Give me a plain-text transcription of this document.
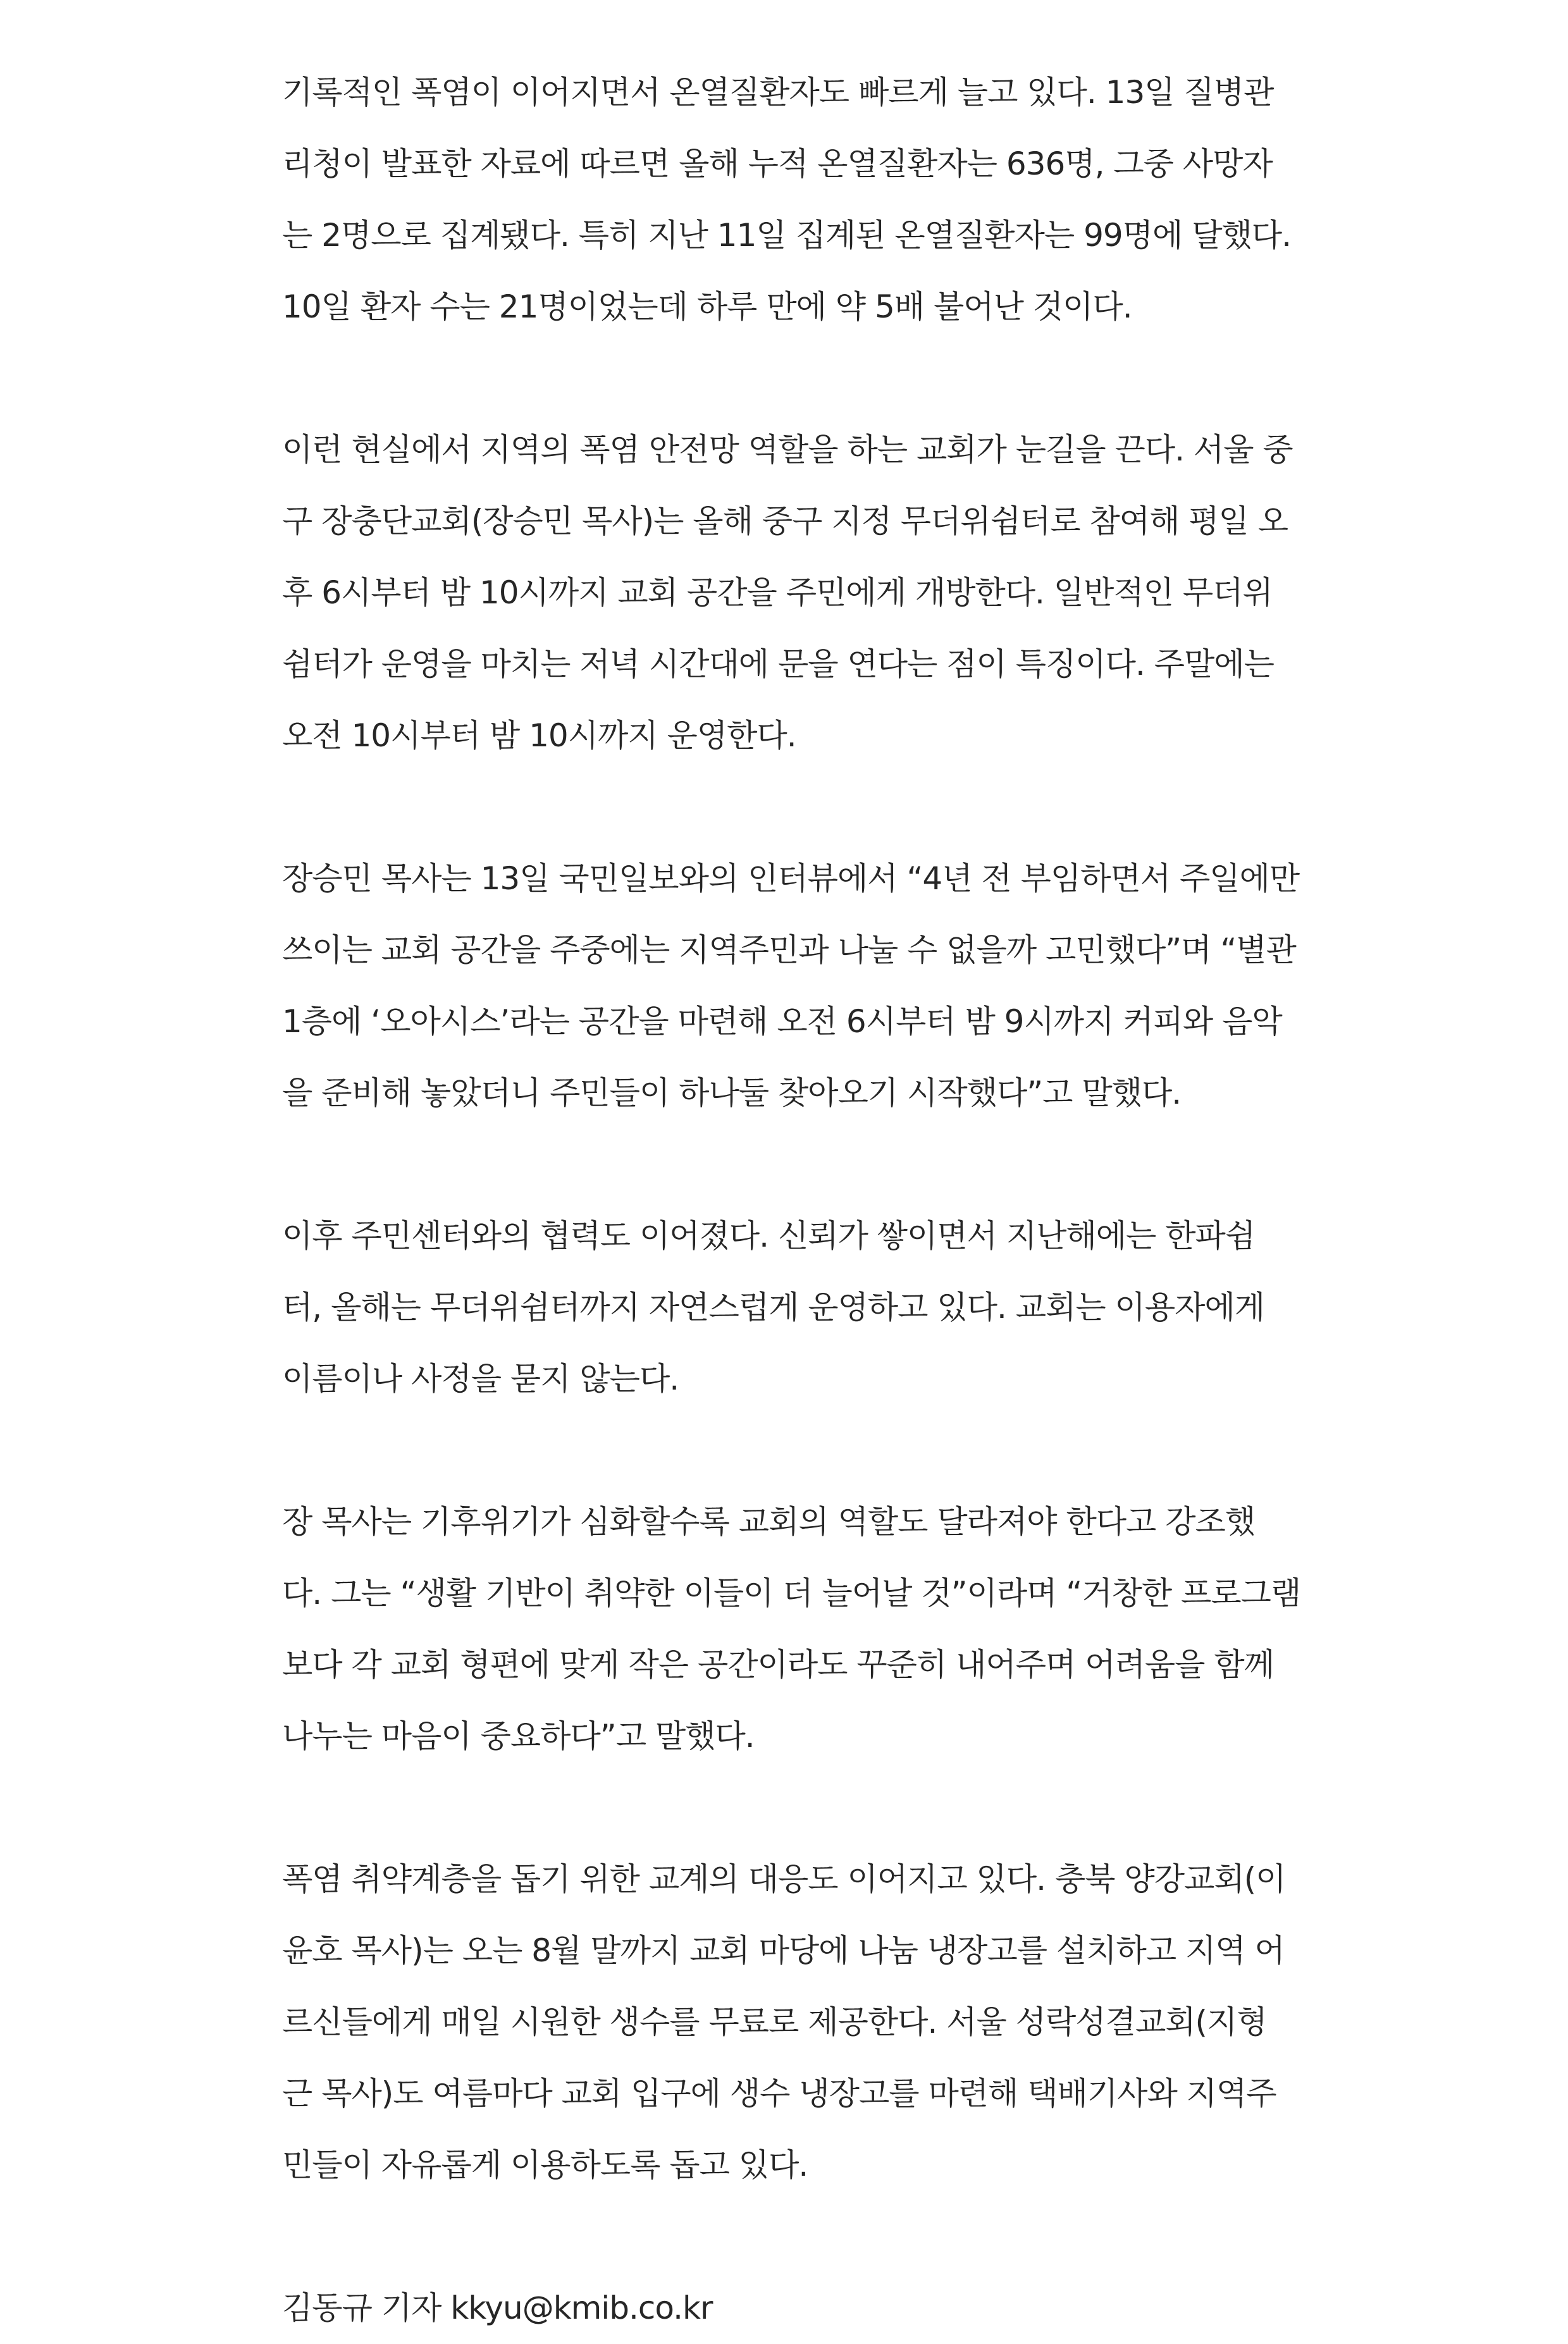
기록적인 폭염이 이어지면서 온열질환자도 빠르게 늘고 있다. 13일 질병관
리청이 발표한 자료에 따르면 올해 누적 온열질환자는 636명, 그중 사망자
는 2명으로 집계됐다. 특히 지난 11일 집계된 온열질환자는 99명에 달했다.
10일 환자 수는 21명이었는데 하루 만에 약 5배 불어난 것이다.
이런 현실에서 지역의 폭염 안전망 역할을 하는 교회가 눈길을 끈다. 서울 중
구 장충단교회(장승민 목사)는 올해 중구 지정 무더위쉼터로 참여해 평일 오
후 6시부터 밤 10시까지 교회 공간을 주민에게 개방한다. 일반적인 무더위
쉼터가 운영을 마치는 저녁 시간대에 문을 연다는 점이 특징이다. 주말에는
오전 10시부터 밤 10시까지 운영한다.
장승민 목사는 13일 국민일보와의 인터뷰에서 “4년 전 부임하면서 주일에만
쓰이는 교회 공간을 주중에는 지역주민과 나눌 수 없을까 고민했다”며 “별관
1층에 ‘오아시스’라는 공간을 마련해 오전 6시부터 밤 9시까지 커피와 음악
을 준비해 놓았더니 주민들이 하나둘 찾아오기 시작했다”고 말했다.
이후 주민센터와의 협력도 이어졌다. 신뢰가 쌓이면서 지난해에는 한파쉼
터, 올해는 무더위쉼터까지 자연스럽게 운영하고 있다. 교회는 이용자에게
이름이나 사정을 묻지 않는다.
장 목사는 기후위기가 심화할수록 교회의 역할도 달라져야 한다고 강조했
다. 그는 “생활 기반이 취약한 이들이 더 늘어날 것”이라며 “거창한 프로그램
보다 각 교회 형편에 맞게 작은 공간이라도 꾸준히 내어주며 어려움을 함께
나누는 마음이 중요하다”고 말했다.
폭염 취약계층을 돕기 위한 교계의 대응도 이어지고 있다. 충북 양강교회(이
윤호 목사)는 오는 8월 말까지 교회 마당에 나눔 냉장고를 설치하고 지역 어
르신들에게 매일 시원한 생수를 무료로 제공한다. 서울 성락성결교회(지형
근 목사)도 여름마다 교회 입구에 생수 냉장고를 마련해 택배기사와 지역주
민들이 자유롭게 이용하도록 돕고 있다.
김동규 기자 kkyu@kmib.co.kr
